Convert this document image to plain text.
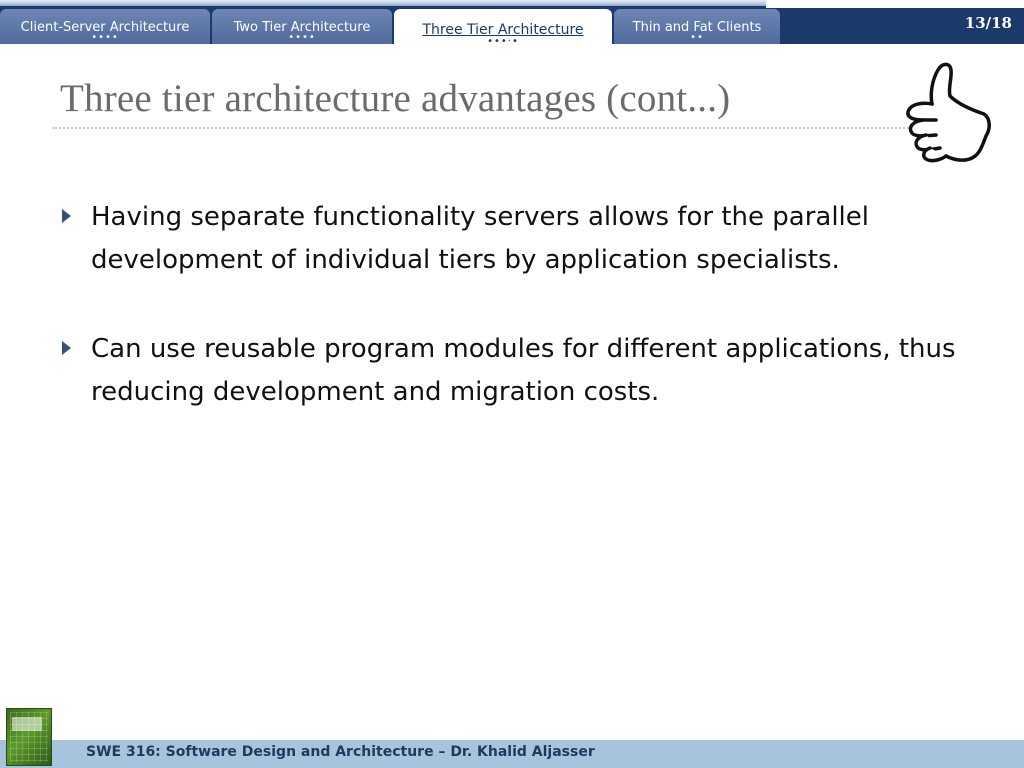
Client-Server Architecture
••••
Two Tier Architecture
••••	Three Tier Architecture
•••‧•
Thin and Fat Clients
••
13/18
Three tier architecture advantages (cont...)
Having separate functionality servers allows for the parallel development of individual tiers by application specialists.
Can use reusable program modules for different applications, thus reducing development and migration costs.
SWE 316: Software Design and Architecture – Dr. Khalid Aljasser
